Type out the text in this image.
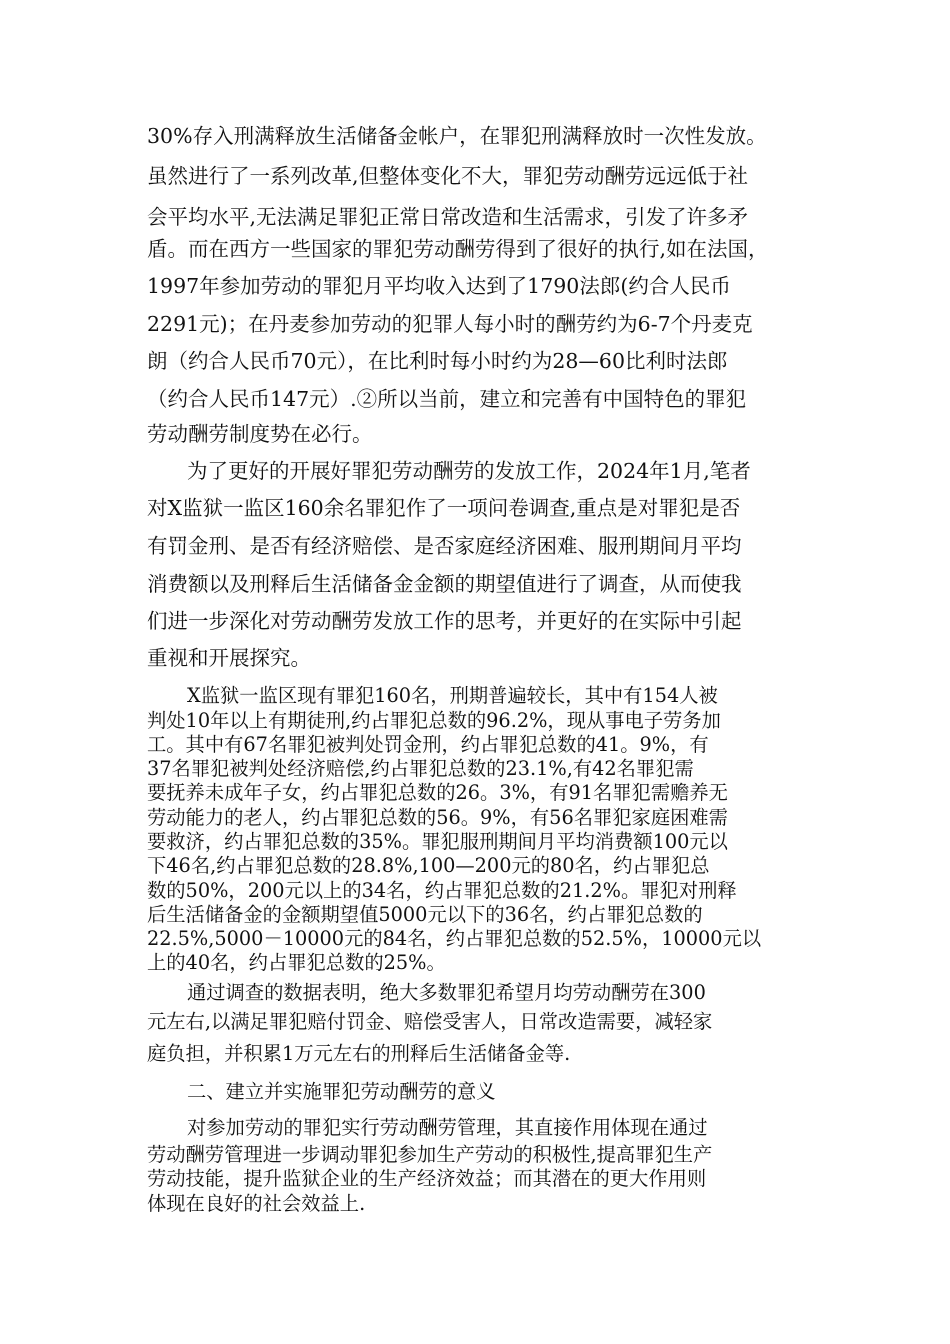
30%存入刑满释放生活储备金帐户，在罪犯刑满释放时一次性发放。
虽然进行了一系列改革,但整体变化不大，罪犯劳动酬劳远远低于社
会平均水平,无法满足罪犯正常日常改造和生活需求，引发了许多矛
盾。而在西方一些国家的罪犯劳动酬劳得到了很好的执行,如在法国，
1997年参加劳动的罪犯月平均收入达到了1790法郎(约合人民币
2291元)；在丹麦参加劳动的犯罪人每小时的酬劳约为6-7个丹麦克
朗（约合人民币70元），在比利时每小时约为28—60比利时法郎
（约合人民币147元）.②所以当前，建立和完善有中国特色的罪犯
劳动酬劳制度势在必行。
为了更好的开展好罪犯劳动酬劳的发放工作，2024年1月,笔者
对X监狱一监区160余名罪犯作了一项问卷调查,重点是对罪犯是否
有罚金刑、是否有经济赔偿、是否家庭经济困难、服刑期间月平均
消费额以及刑释后生活储备金金额的期望值进行了调查，从而使我
们进一步深化对劳动酬劳发放工作的思考，并更好的在实际中引起
重视和开展探究。
X监狱一监区现有罪犯160名，刑期普遍较长，其中有154人被
判处10年以上有期徒刑,约占罪犯总数的96.2%，现从事电子劳务加
工。其中有67名罪犯被判处罚金刑，约占罪犯总数的41。9%，有
37名罪犯被判处经济赔偿,约占罪犯总数的23.1%,有42名罪犯需
要抚养未成年子女，约占罪犯总数的26。3%，有91名罪犯需赡养无
劳动能力的老人，约占罪犯总数的56。9%，有56名罪犯家庭困难需
要救济，约占罪犯总数的35%。罪犯服刑期间月平均消费额100元以
下46名,约占罪犯总数的28.8%,100—200元的80名，约占罪犯总
数的50%，200元以上的34名，约占罪犯总数的21.2%。罪犯对刑释
后生活储备金的金额期望值5000元以下的36名，约占罪犯总数的
22.5%,5000－10000元的84名，约占罪犯总数的52.5%，10000元以
上的40名，约占罪犯总数的25%。
通过调查的数据表明，绝大多数罪犯希望月均劳动酬劳在300
元左右,以满足罪犯赔付罚金、赔偿受害人，日常改造需要，减轻家
庭负担，并积累1万元左右的刑释后生活储备金等.
二、建立并实施罪犯劳动酬劳的意义
对参加劳动的罪犯实行劳动酬劳管理，其直接作用体现在通过
劳动酬劳管理进一步调动罪犯参加生产劳动的积极性,提高罪犯生产
劳动技能，提升监狱企业的生产经济效益；而其潜在的更大作用则
体现在良好的社会效益上.
